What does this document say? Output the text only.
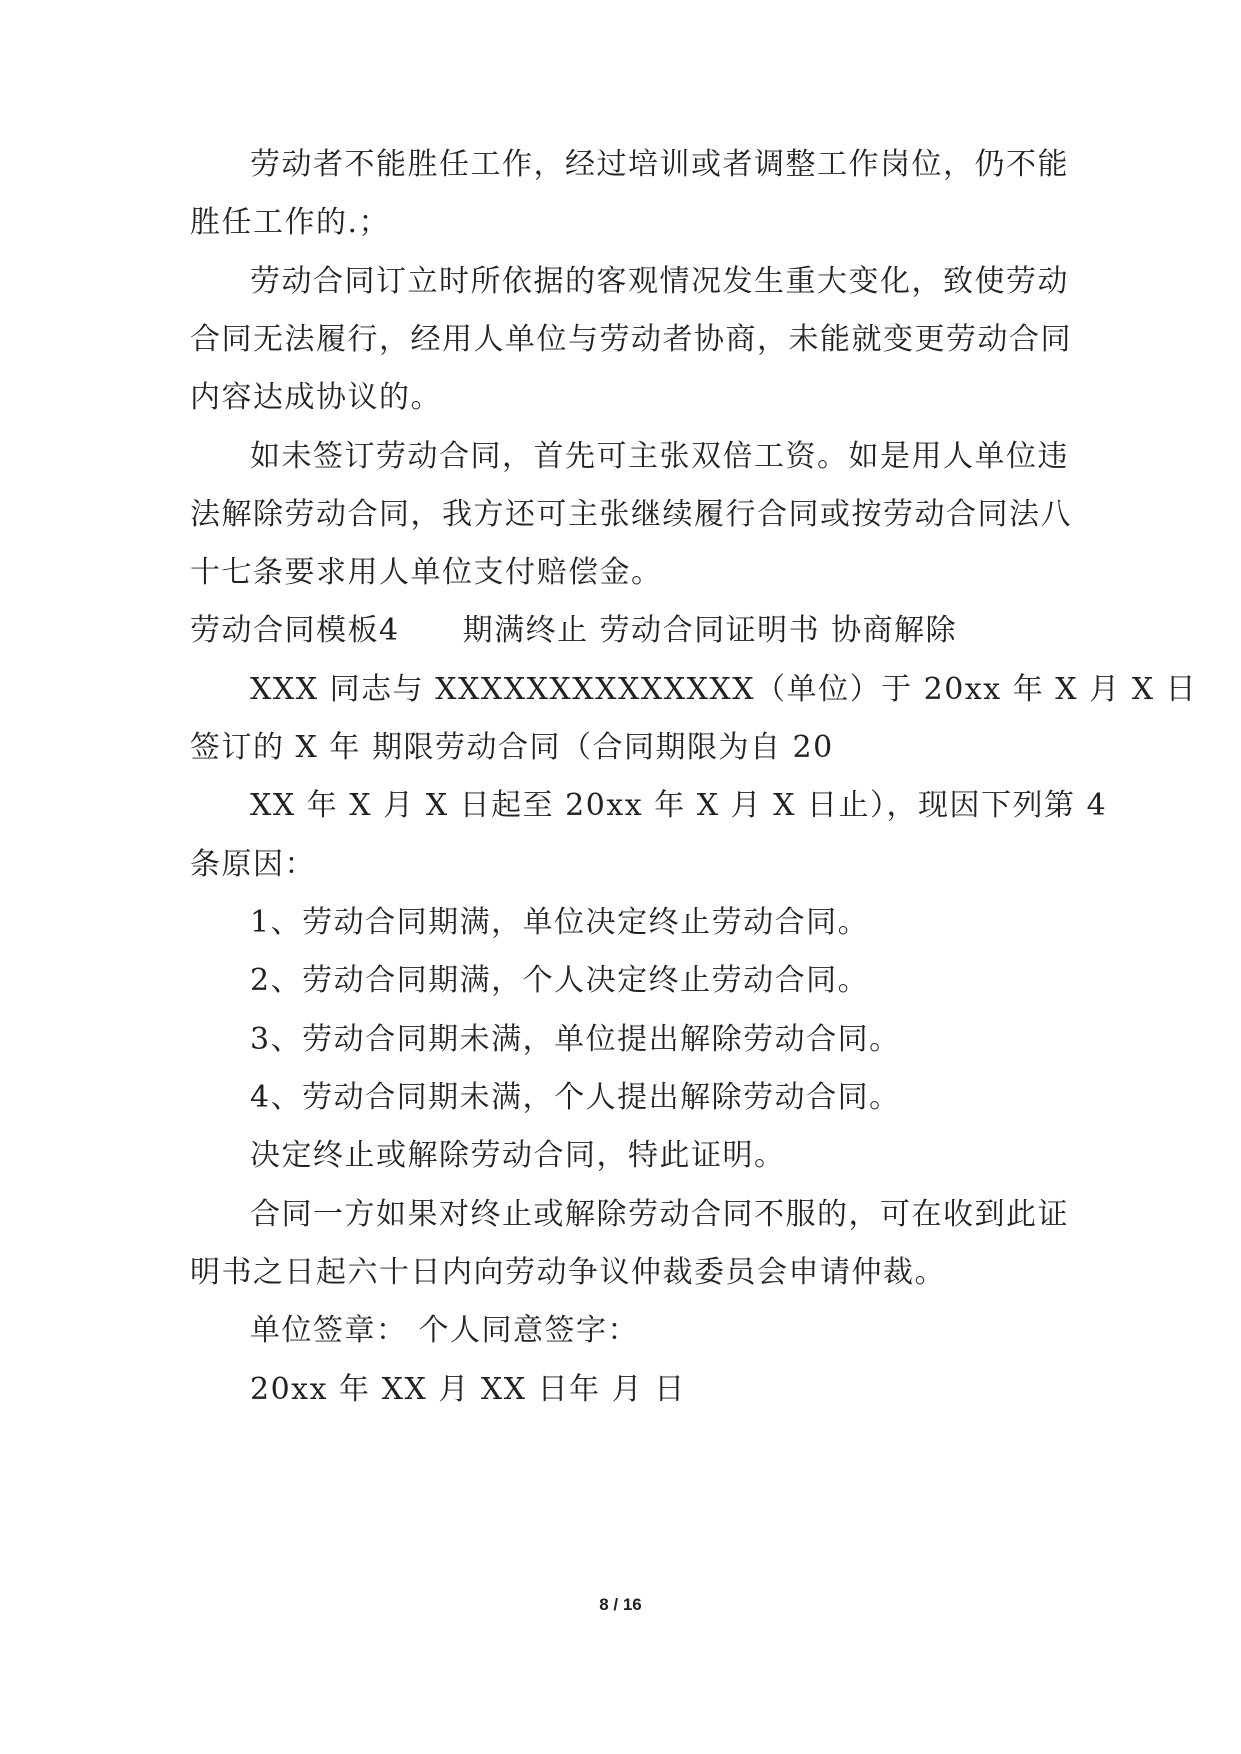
劳动者不能胜任工作，经过培训或者调整工作岗位，仍不能
胜任工作的.；
劳动合同订立时所依据的客观情况发生重大变化，致使劳动
合同无法履行，经用人单位与劳动者协商，未能就变更劳动合同
内容达成协议的。
如未签订劳动合同，首先可主张双倍工资。如是用人单位违
法解除劳动合同，我方还可主张继续履行合同或按劳动合同法八
十七条要求用人单位支付赔偿金。
劳动合同模板4　　期满终止 劳动合同证明书 协商解除
XXX 同志与 XXXXXXXXXXXXXX（单位）于 20xx 年 X 月 X 日
签订的 X 年 期限劳动合同（合同期限为自 20
XX 年 X 月 X 日起至 20xx 年 X 月 X 日止），现因下列第 4
条原因：
1、劳动合同期满，单位决定终止劳动合同。
2、劳动合同期满，个人决定终止劳动合同。
3、劳动合同期未满，单位提出解除劳动合同。
4、劳动合同期未满，个人提出解除劳动合同。
决定终止或解除劳动合同，特此证明。
合同一方如果对终止或解除劳动合同不服的，可在收到此证
明书之日起六十日内向劳动争议仲裁委员会申请仲裁。
单位签章： 个人同意签字：
20xx 年 XX 月 XX 日年 月 日
8 / 16
